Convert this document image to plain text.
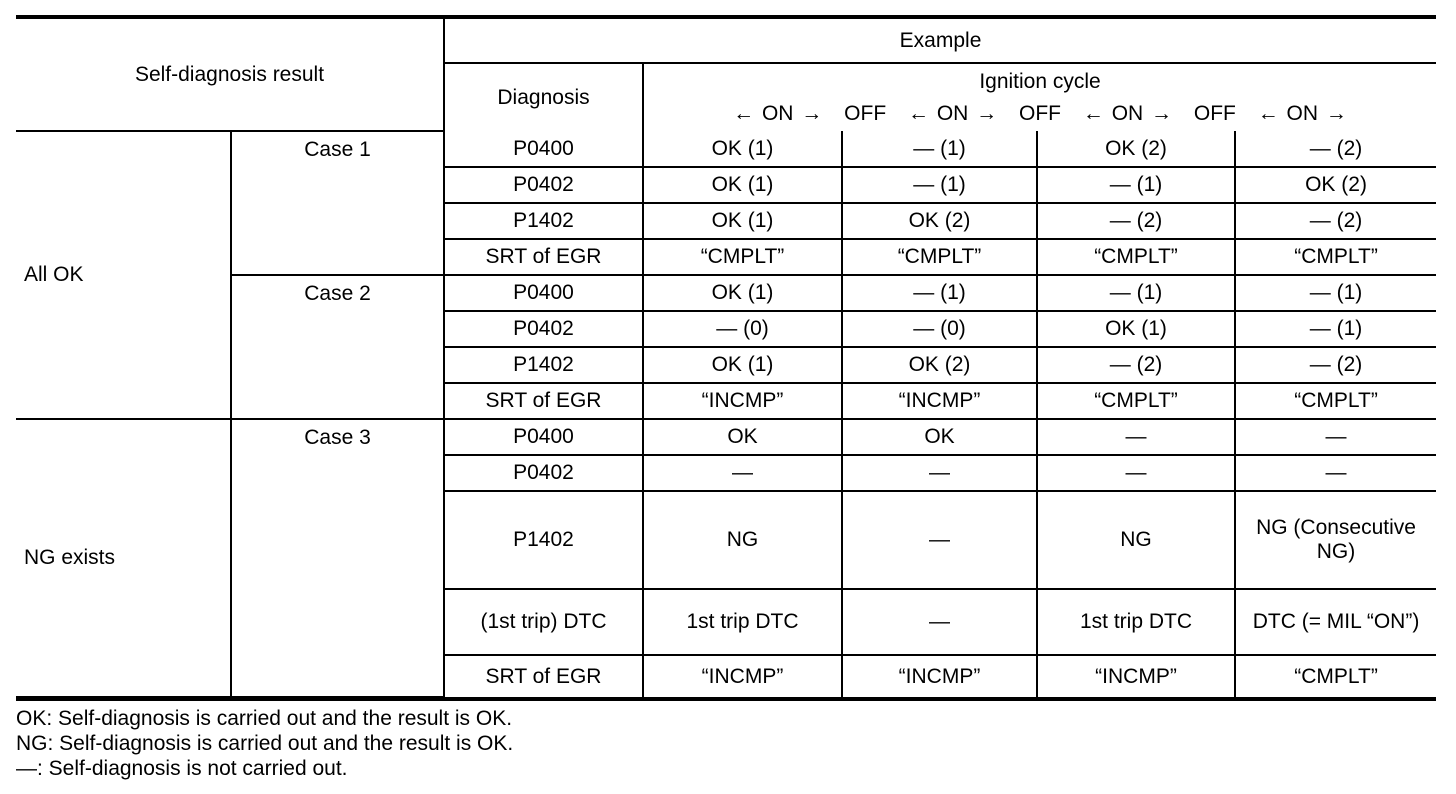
Self-diagnosis result		Example				
		Diagnosis	Ignition cycle
← ON → OFF ← ON → OFF ← ON → OFF ← ON →			

All OK	Case 1	P0400	OK (1)	— (1)	OK (2)	— (2)
		P0402	OK (1)	— (1)	— (1)	OK (2)
		P1402	OK (1)	OK (2)	— (2)	— (2)
		SRT of EGR	“CMPLT”	“CMPLT”	“CMPLT”	“CMPLT”
	Case 2	P0400	OK (1)	— (1)	— (1)	— (1)
		P0402	— (0)	— (0)	OK (1)	— (1)
		P1402	OK (1)	OK (2)	— (2)	— (2)
		SRT of EGR	“INCMP”	“INCMP”	“CMPLT”	“CMPLT”
NG exists	Case 3	P0400	OK	OK	—	—
		P0402	—	—	—	—
		P1402	NG	—	NG	NG (Consecutive NG)
		(1st trip) DTC	1st trip DTC	—	1st trip DTC	DTC (= MIL “ON”)
		SRT of EGR	“INCMP”	“INCMP”	“INCMP”	“CMPLT”
OK: Self-diagnosis is carried out and the result is OK.
NG: Self-diagnosis is carried out and the result is OK.
—: Self-diagnosis is not carried out.
